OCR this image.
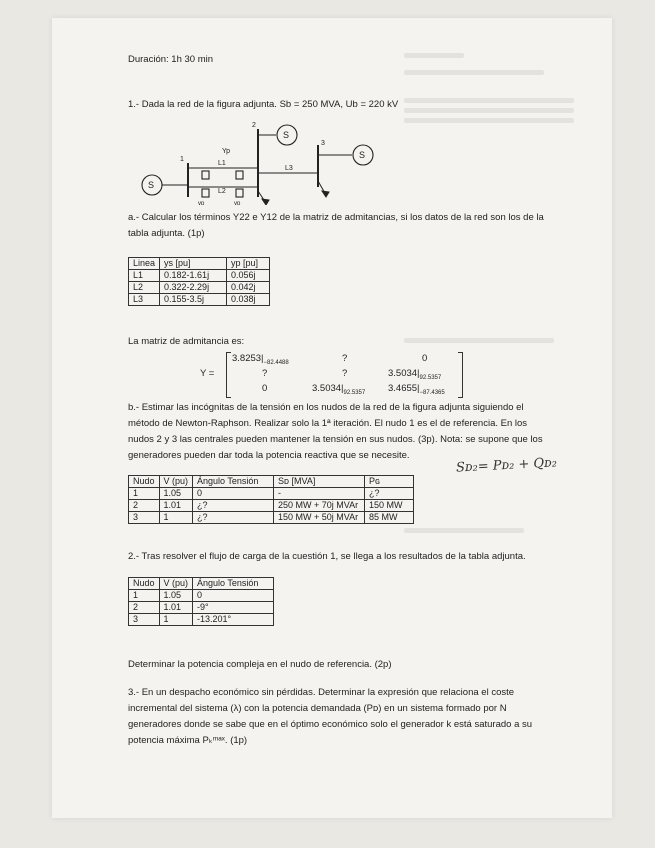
Duración: 1h 30 min
1.- Dada la red de la figura adjunta. Sb = 250 MVA, Ub = 220 kV
S
S
S
1
2
3
L1
L2
L3
Yp
yp	yp
a.- Calcular los términos Y22 e Y12 de la matriz de admitancias, si los datos de la red son los de la tabla adjunta. (1p)
Linea	ys [pu]	yp [pu]
L1	0.182-1.61j	0.056j
L2	0.322-2.29j	0.042j
L3	0.155-3.5j	0.038j
La matriz de admitancia es:
Y =
$3.8253|_{-82.4488}$	?	0
?	?	$3.5034|_{92.5357}$
0	$3.5034|_{92.5357}$ $3.4655|_{-87.4365}$
b.- Estimar las incógnitas de la tensión en los nudos de la red de la figura adjunta siguiendo el método de Newton-Raphson. Realizar solo la 1ª iteración. El nudo 1 es el de referencia. En los nudos 2 y 3 las centrales pueden mantener la tensión en sus nudos. (3p). Nota: se supone que los generadores pueden dar toda la potencia reactiva que se necesite.	Sᴅ₂= Pᴅ₂ + Qᴅ₂
Nudo	V (pu)	Ángulo Tensión	Sᴅ [MVA]	Pɢ
1	1.05	0	-	¿?
2	1.01	¿?	250 MW + 70j MVAr	150 MW
3	1	¿?	150 MW + 50j MVAr	85 MW
2.- Tras resolver el flujo de carga de la cuestión 1, se llega a los resultados de la tabla adjunta.
Nudo	V (pu)	Ángulo Tensión
1	1.05	0
2	1.01	-9°
3	1	-13.201°
Determinar la potencia compleja en el nudo de referencia. (2p)
3.- En un despacho económico sin pérdidas. Determinar la expresión que relaciona el coste incremental del sistema (λ) con la potencia demandada (Pᴅ) en un sistema formado por N generadores donde se sabe que en el óptimo económico solo el generador k está saturado a su potencia máxima Pₖᵐᵃˣ. (1p)
